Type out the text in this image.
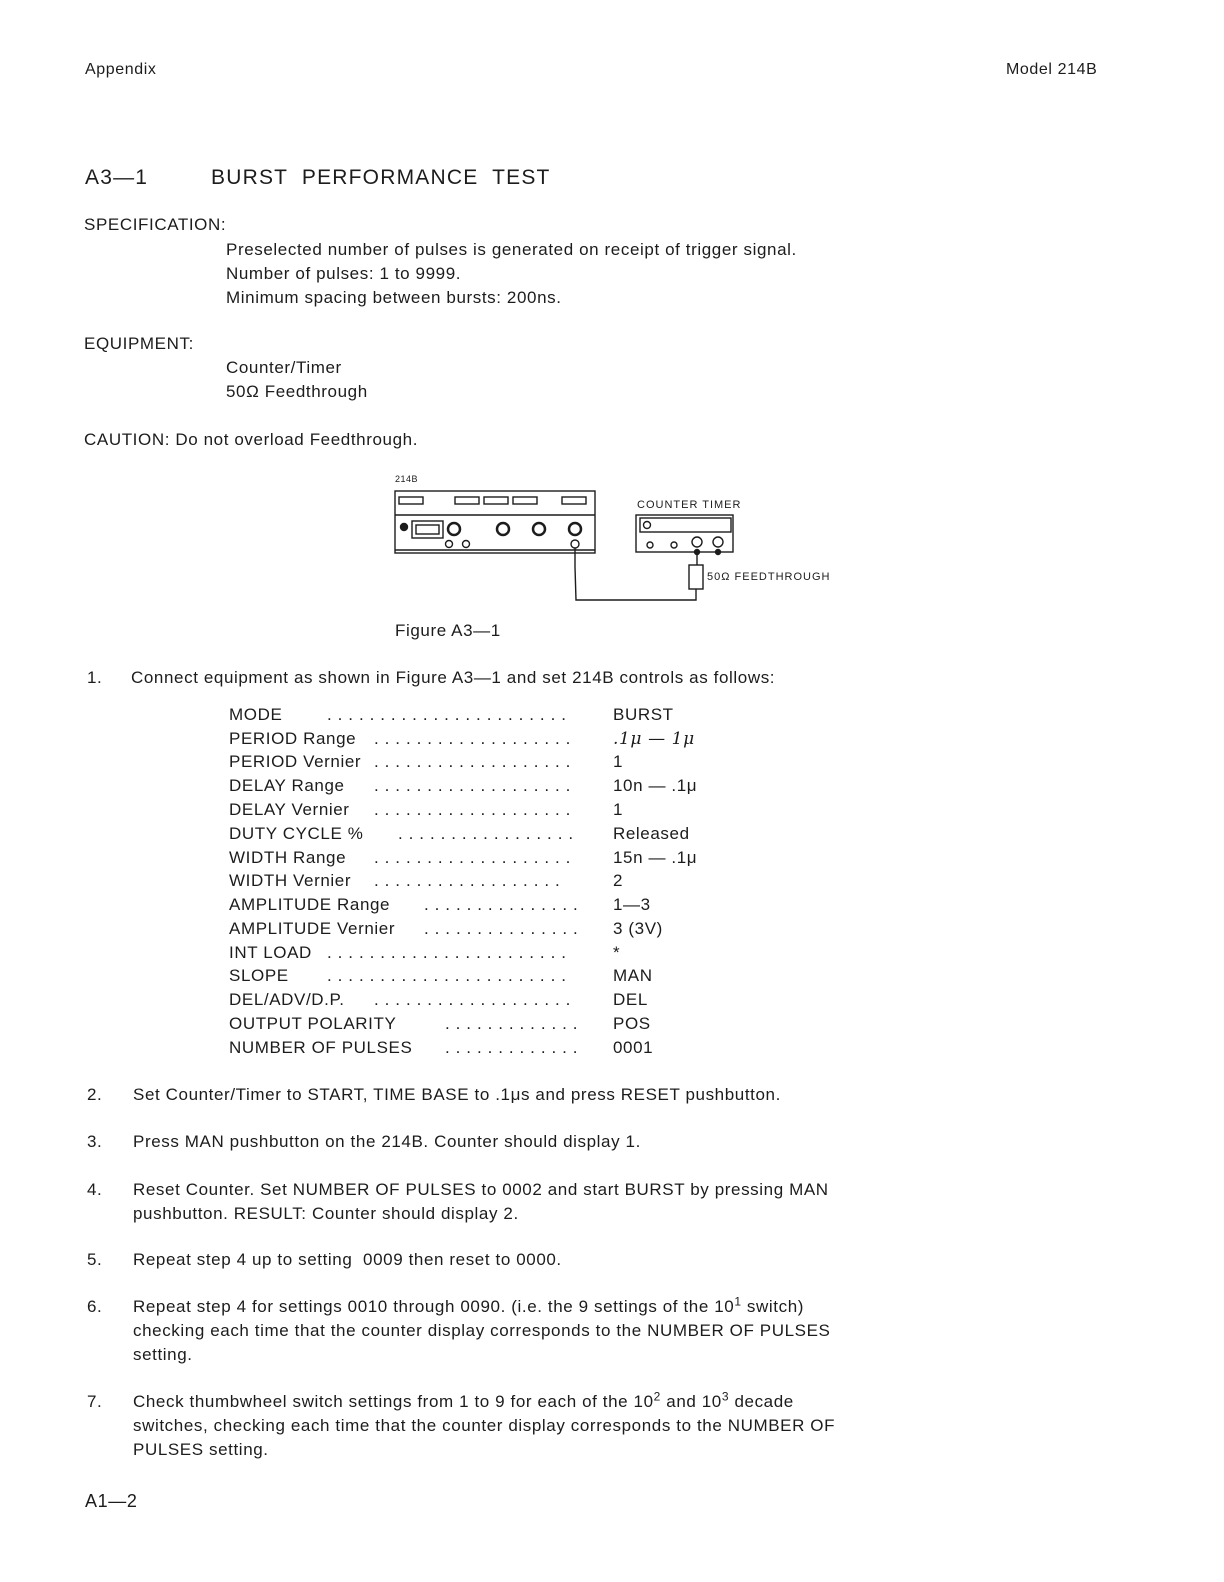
Appendix	Model 214B
A3—1	BURST  PERFORMANCE  TEST
SPECIFICATION:
Preselected number of pulses is generated on receipt of trigger signal.
Number of pulses: 1 to 9999.
Minimum spacing between bursts: 200ns.
EQUIPMENT:
Counter/Timer
50Ω Feedthrough
CAUTION: Do not overload Feedthrough.
214B
COUNTER TIMER
50Ω FEEDTHROUGH
Figure A3—1
1. Connect equipment as shown in Figure A3—1 and set 214B controls as follows:
MODE	. . . . . . . . . . . . . . . . . . . . . . .	BURST
PERIOD Range . . . . . . . . . . . . . . . . . . . .1μ — 1μ
PERIOD Vernier . . . . . . . . . . . . . . . . . . . 1
DELAY Range . . . . . . . . . . . . . . . . . . . 10n — .1μ
DELAY Vernier . . . . . . . . . . . . . . . . . . . 1
DUTY CYCLE % . . . . . . . . . . . . . . . . . Released
WIDTH Range . . . . . . . . . . . . . . . . . . . 15n — .1μ
WIDTH Vernier . . . . . . . . . . . . . . . . . .	2
AMPLITUDE Range . . . . . . . . . . . . . . . 1—3
AMPLITUDE Vernier . . . . . . . . . . . . . . . 3 (3V)
INT LOAD . . . . . . . . . . . . . . . . . . . . . . .	*
SLOPE . . . . . . . . . . . . . . . . . . . . . . .	MAN
DEL/ADV/D.P. . . . . . . . . . . . . . . . . . . . DEL
OUTPUT POLARITY	. . . . . . . . . . . . . POS
NUMBER OF PULSES . . . . . . . . . . . . . 0001
2. Set Counter/Timer to START, TIME BASE to .1μs and press RESET pushbutton.
3. Press MAN pushbutton on the 214B. Counter should display 1.
4. Reset Counter. Set NUMBER OF PULSES to 0002 and start BURST by pressing MAN pushbutton. RESULT: Counter should display 2.
5. Repeat step 4 up to setting  0009 then reset to 0000.
6. Repeat step 4 for settings 0010 through 0090. (i.e. the 9 settings of the $10^1$ switch) checking each time that the counter display corresponds to the NUMBER OF PULSES setting.
7. Check thumbwheel switch settings from 1 to 9 for each of the $10^2$ and $10^3$ decade switches, checking each time that the counter display corresponds to the NUMBER OF PULSES setting.
A1—2
